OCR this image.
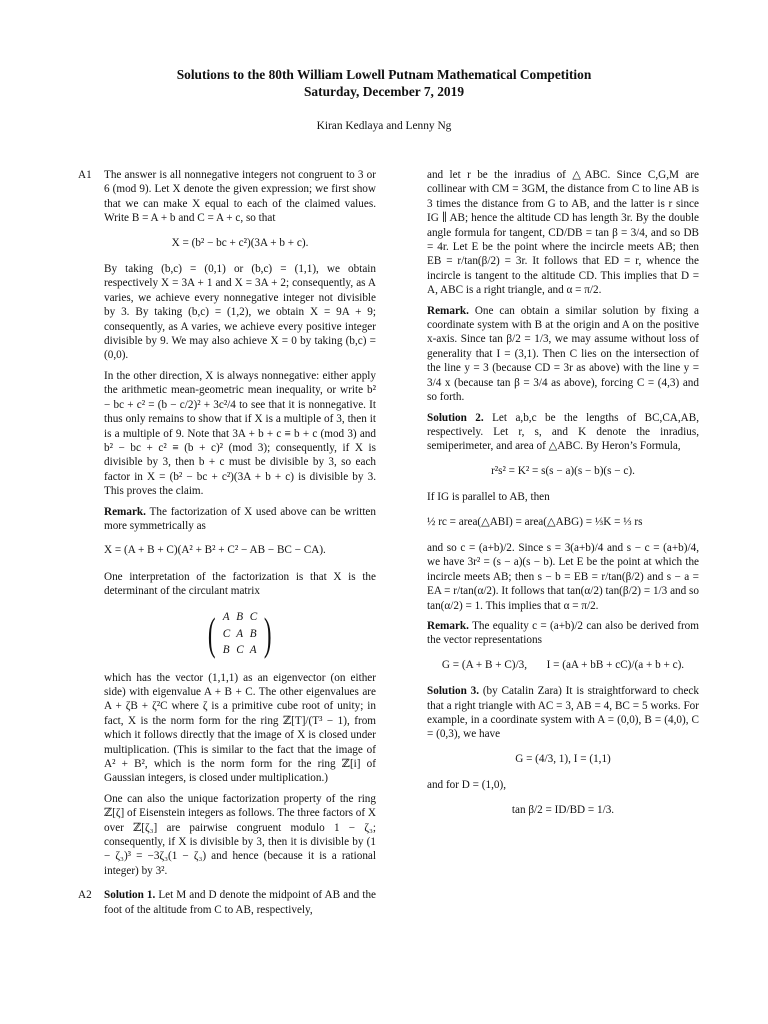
Solutions to the 80th William Lowell Putnam Mathematical Competition
Saturday, December 7, 2019
Kiran Kedlaya and Lenny Ng
A1 The answer is all nonnegative integers not congruent to 3 or 6 (mod 9). Let X denote the given expression; we first show that we can make X equal to each of the claimed values. Write B = A + b and C = A + c, so that

X = (b² − bc + c²)(3A + b + c).

By taking (b,c) = (0,1) or (b,c) = (1,1), we obtain respectively X = 3A + 1 and X = 3A + 2; consequently, as A varies, we achieve every nonnegative integer not divisible by 3. By taking (b,c) = (1,2), we obtain X = 9A + 9; consequently, as A varies, we achieve every positive integer divisible by 9. We may also achieve X = 0 by taking (b,c) = (0,0).

In the other direction, X is always nonnegative: either apply the arithmetic mean-geometric mean inequality, or write b² − bc + c² = (b − c/2)² + 3c²/4 to see that it is nonnegative. It thus only remains to show that if X is a multiple of 3, then it is a multiple of 9. Note that 3A + b + c ≡ b + c (mod 3) and b² − bc + c² ≡ (b + c)² (mod 3); consequently, if X is divisible by 3, then b + c must be divisible by 3, so each factor in X = (b² − bc + c²)(3A + b + c) is divisible by 3. This proves the claim.

Remark. The factorization of X used above can be written more symmetrically as

X = (A + B + C)(A² + B² + C² − AB − BC − CA).

One interpretation of the factorization is that X is the determinant of the circulant matrix

( A	B	C
C	A	B
B	C	A )

which has the vector (1,1,1) as an eigenvector (on either side) with eigenvalue A + B + C. The other eigenvalues are A + ζB + ζ²C where ζ is a primitive cube root of unity; in fact, X is the norm form for the ring ℤ[T]/(T³ − 1), from which it follows directly that the image of X is closed under multiplication. (This is similar to the fact that the image of A² + B², which is the norm form for the ring ℤ[i] of Gaussian integers, is closed under multiplication.)

One can also the unique factorization property of the ring ℤ[ζ] of Eisenstein integers as follows. The three factors of X over ℤ[ζ₃] are pairwise congruent modulo 1 − ζ₃; consequently, if X is divisible by 3, then it is divisible by (1 − ζ₃)³ = −3ζ₃(1 − ζ₃) and hence (because it is a rational integer) by 3².

A2 Solution 1. Let M and D denote the midpoint of AB and the foot of the altitude from C to AB, respectively,

and let r be the inradius of △ABC. Since C,G,M are collinear with CM = 3GM, the distance from C to line AB is 3 times the distance from G to AB, and the latter is r since IG ∥ AB; hence the altitude CD has length 3r. By the double angle formula for tangent, CD/DB = tan β = 3/4, and so DB = 4r. Let E be the point where the incircle meets AB; then EB = r/tan(β/2) = 3r. It follows that ED = r, whence the incircle is tangent to the altitude CD. This implies that D = A, ABC is a right triangle, and α = π/2.

Remark. One can obtain a similar solution by fixing a coordinate system with B at the origin and A on the positive x-axis. Since tan β/2 = 1/3, we may assume without loss of generality that I = (3,1). Then C lies on the intersection of the line y = 3 (because CD = 3r as above) with the line y = 3/4 x (because tan β = 3/4 as above), forcing C = (4,3) and so forth.

Solution 2. Let a,b,c be the lengths of BC,CA,AB, respectively. Let r, s, and K denote the inradius, semiperimeter, and area of △ABC. By Heron’s Formula,

r²s² = K² = s(s − a)(s − b)(s − c).

If IG is parallel to AB, then

½ rc = area(△ABI) = area(△ABG) = ⅓K = ⅓ rs

and so c = (a+b)/2. Since s = 3(a+b)/4 and s − c = (a+b)/4, we have 3r² = (s − a)(s − b). Let E be the point at which the incircle meets AB; then s − b = EB = r/tan(β/2) and s − a = EA = r/tan(α/2). It follows that tan(α/2) tan(β/2) = 1/3 and so tan(α/2) = 1. This implies that α = π/2.

Remark. The equality c = (a+b)/2 can also be derived from the vector representations

G = (A + B + C)/3, I = (aA + bB + cC)/(a + b + c).

Solution 3. (by Catalin Zara) It is straightforward to check that a right triangle with AC = 3, AB = 4, BC = 5 works. For example, in a coordinate system with A = (0,0), B = (4,0), C = (0,3), we have

G = (4/3, 1), I = (1,1)

and for D = (1,0),

tan β/2 = ID/BD = 1/3.
